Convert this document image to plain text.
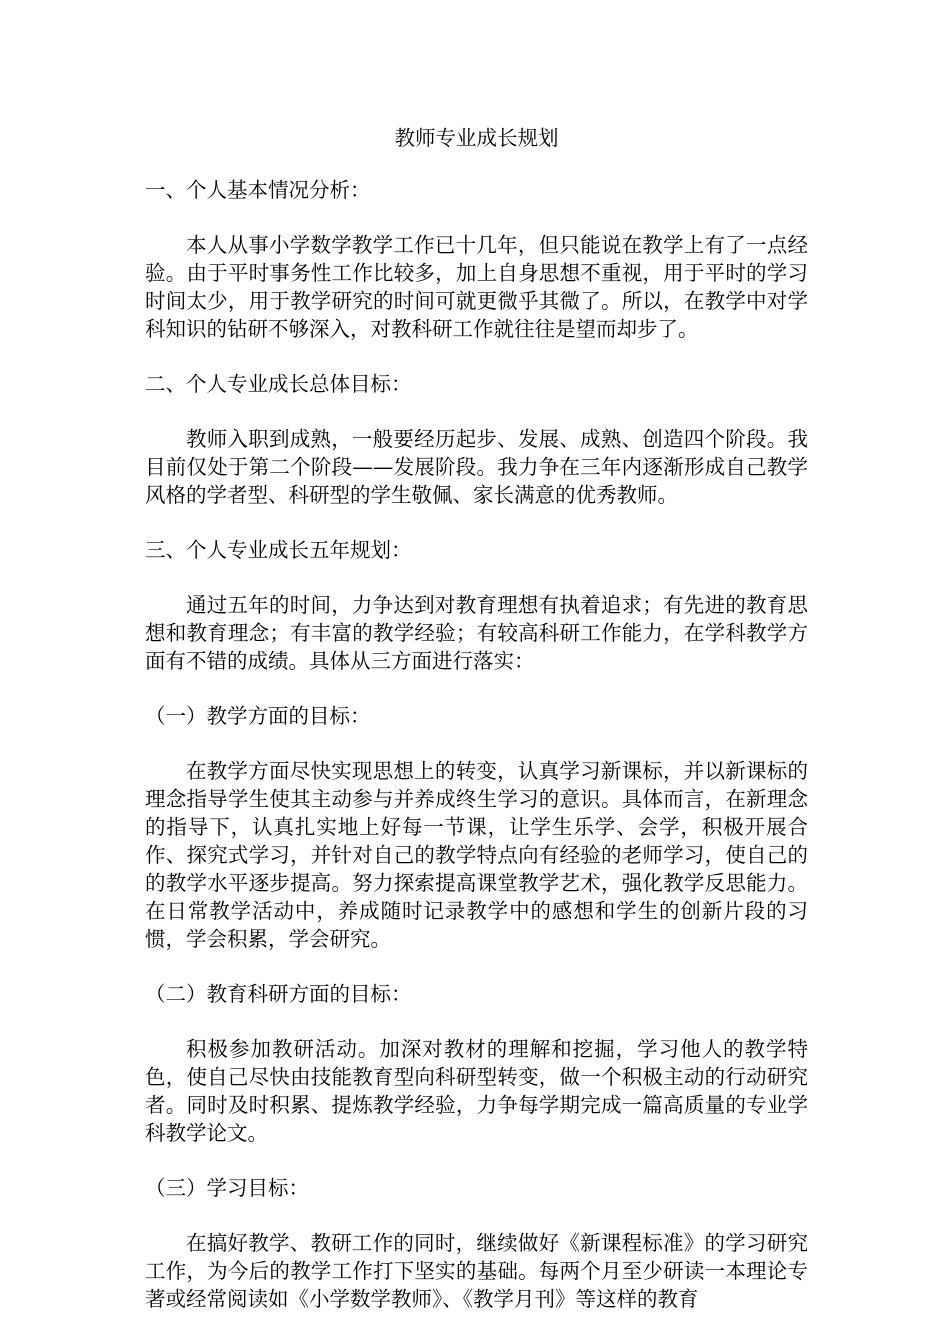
教师专业成长规划

一、个人基本情况分析：

本人从事小学数学教学工作已十几年，但只能说在教学上有了一点经验。由于平时事务性工作比较多，加上自身思想不重视，用于平时的学习时间太少，用于教学研究的时间可就更微乎其微了。所以，在教学中对学科知识的钻研不够深入，对教科研工作就往往是望而却步了。

二、个人专业成长总体目标：

教师入职到成熟，一般要经历起步、发展、成熟、创造四个阶段。我目前仅处于第二个阶段——发展阶段。我力争在三年内逐渐形成自己教学风格的学者型、科研型的学生敬佩、家长满意的优秀教师。

三、个人专业成长五年规划：

通过五年的时间，力争达到对教育理想有执着追求；有先进的教育思想和教育理念；有丰富的教学经验；有较高科研工作能力，在学科教学方面有不错的成绩。具体从三方面进行落实：

（一）教学方面的目标：

在教学方面尽快实现思想上的转变，认真学习新课标，并以新课标的理念指导学生使其主动参与并养成终生学习的意识。具体而言，在新理念的指导下，认真扎实地上好每一节课，让学生乐学、会学，积极开展合作、探究式学习，并针对自己的教学特点向有经验的老师学习，使自己的的教学水平逐步提高。努力探索提高课堂教学艺术，强化教学反思能力。在日常教学活动中，养成随时记录教学中的感想和学生的创新片段的习惯，学会积累，学会研究。

（二）教育科研方面的目标：

积极参加教研活动。加深对教材的理解和挖掘，学习他人的教学特色，使自己尽快由技能教育型向科研型转变，做一个积极主动的行动研究者。同时及时积累、提炼教学经验，力争每学期完成一篇高质量的专业学科教学论文。

（三）学习目标：

在搞好教学、教研工作的同时，继续做好《新课程标准》的学习研究工作，为今后的教学工作打下坚实的基础。每两个月至少研读一本理论专著或经常阅读如《小学数学教师》、《教学月刊》等这样的教育
